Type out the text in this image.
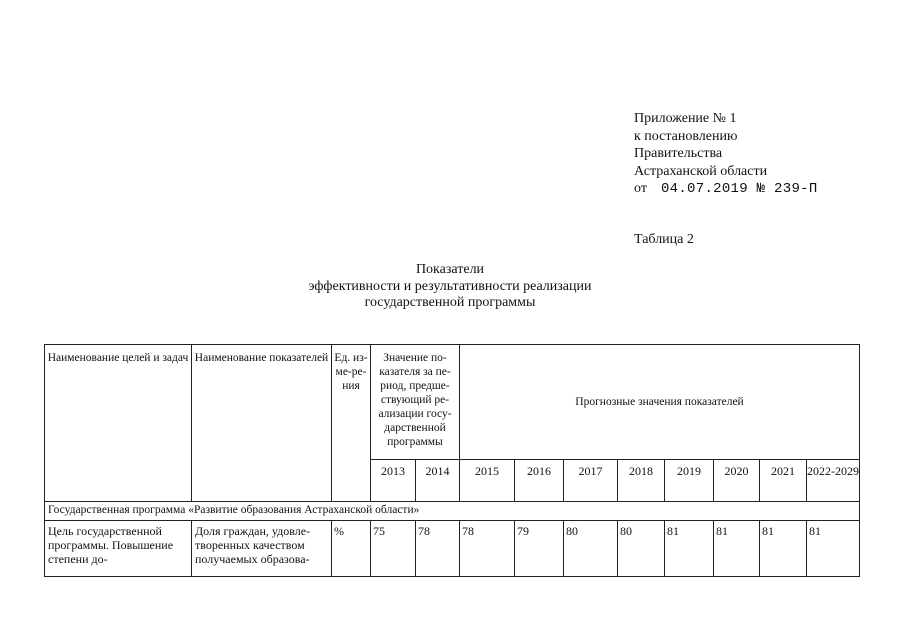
Приложение № 1
к постановлению
Правительства
Астраханской области
от 04.07.2019 № 239-П
Таблица 2
Показатели
эффективности и результативности реализации
государственной программы
Наименование целей и задач	Наименование показателей	Ед. из-ме-ре-ния	Значение по-казателя за пе-риод, предше-ствующий ре-ализации госу-дарственной программы		Прогнозные значения показателей							
			2013	2014	2015	2016	2017	2018	2019	2020	2021	2022-2029
Государственная программа «Развитие образования Астраханской области»												
Цель государственной программы. Повышение степени до-	Доля граждан, удовле-творенных качеством получаемых образова-	%	75	78	78	79	80	80	81	81	81	81
